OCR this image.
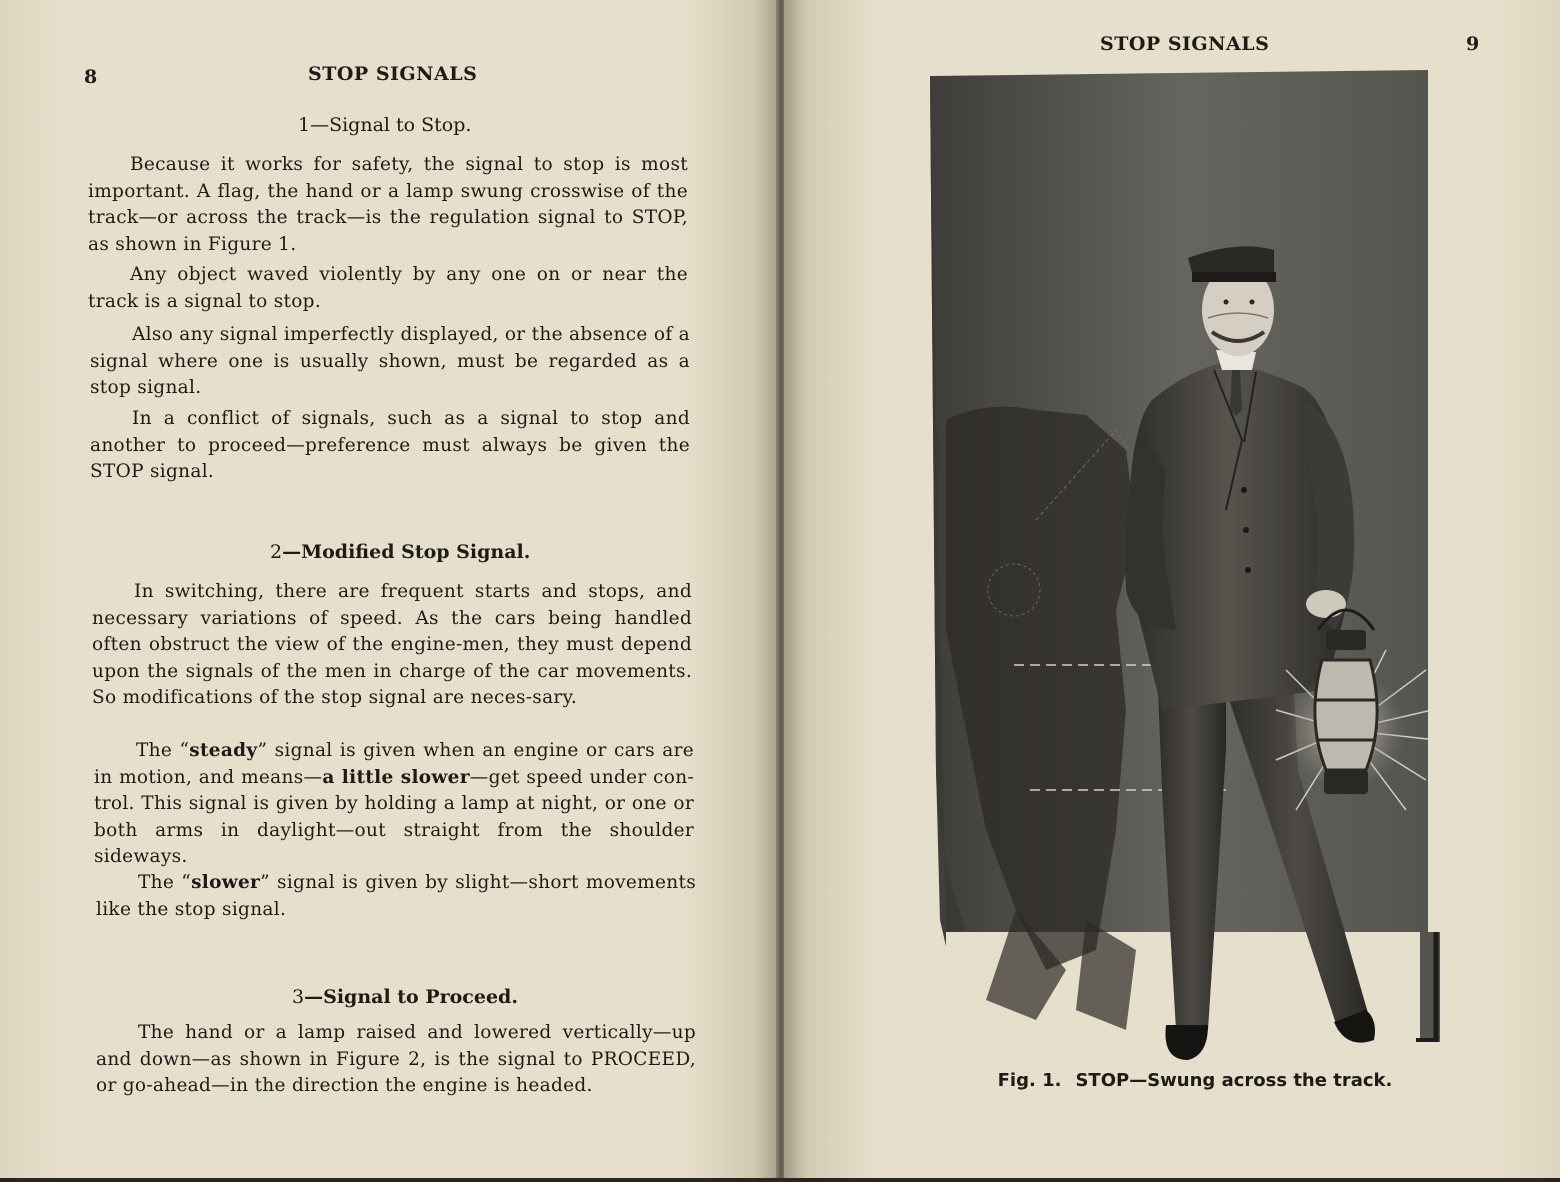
8	STOP SIGNALS
1—Signal to Stop.

Because it works for safety, the signal to stop is most important. A flag, the hand or a lamp swung crosswise of the track—or across the track—is the regulation signal to STOP, as shown in Figure 1.

Any object waved violently by any one on or near the track is a signal to stop.

Also any signal imperfectly displayed, or the absence of a signal where one is usually shown, must be regarded as a stop signal.

In a conflict of signals, such as a signal to stop and another to proceed—preference must always be given the STOP signal.

2—Modified Stop Signal.

In switching, there are frequent starts and stops, and necessary variations of speed. As the cars being handled often obstruct the view of the engine-men, they must depend upon the signals of the men in charge of the car movements. So modifications of the stop signal are neces-sary.

The “steady” signal is given when an engine or cars are in motion, and means—a little slower—get speed under con-trol. This signal is given by holding a lamp at night, or one or both arms in daylight—out straight from the shoulder sideways.

The “slower” signal is given by slight—short movements like the stop signal.

3—Signal to Proceed.

The hand or a lamp raised and lowered vertically—up and down—as shown in Figure 2, is the signal to PROCEED, or go-ahead—in the direction the engine is headed.

STOP SIGNALS	9
Fig. 1. STOP—Swung across the track.
